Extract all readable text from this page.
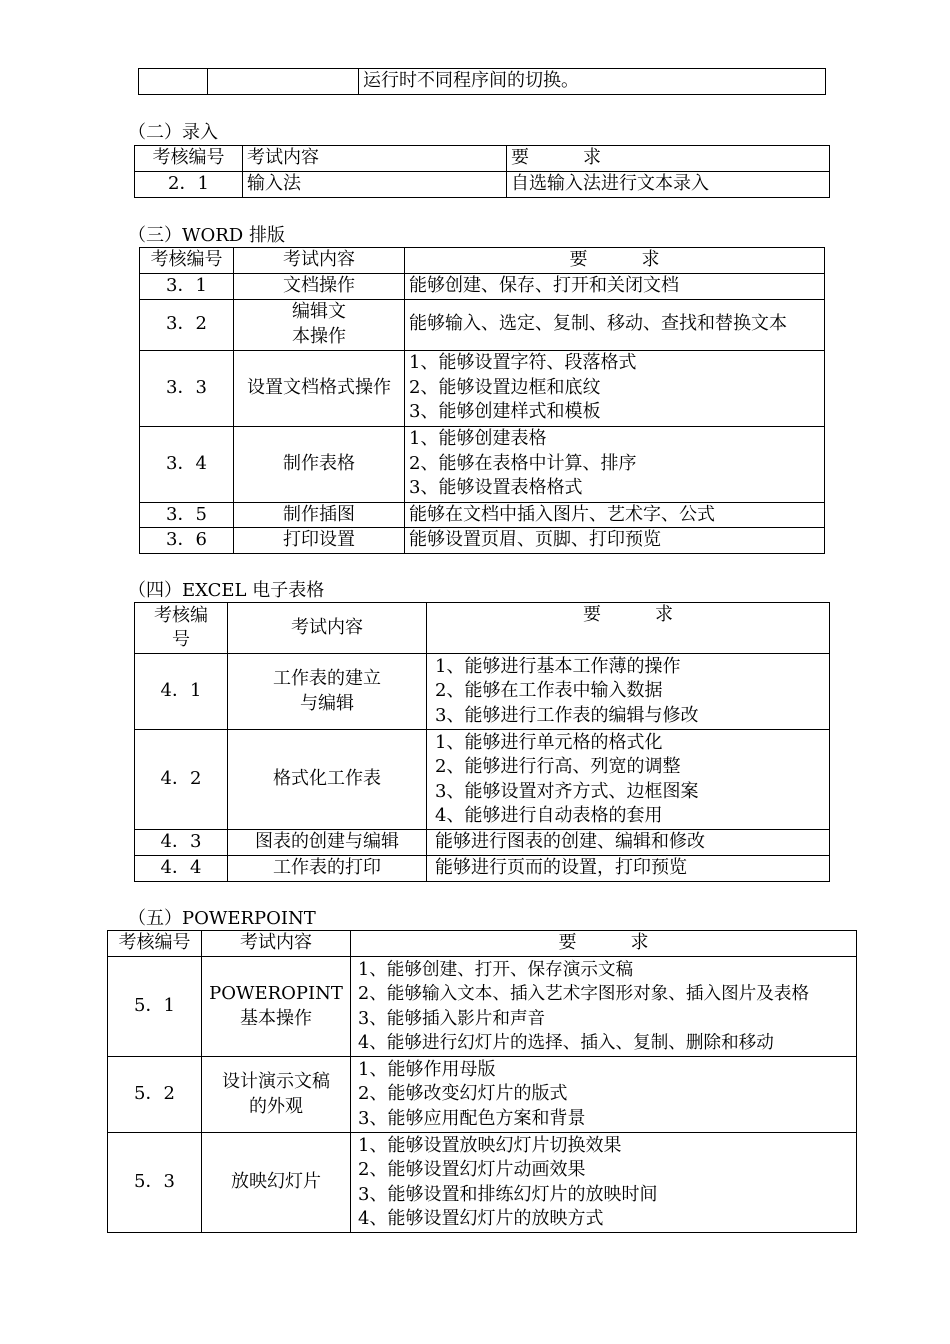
		运行时不同程序间的切换。
（二）录入
考核编号	考试内容	要　　　求
2．1	输入法	自选输入法进行文本录入
（三）WORD 排版
考核编号	考试内容	要　　　求
3．1	文档操作	能够创建、保存、打开和关闭文档

3．2	编辑文
本操作	能够输入、选定、复制、移动、查找和替换文本

3．3	设置文档格式操作	1、能够设置字符、段落格式
2、能够设置边框和底纹
3、能够创建样式和模板

3．4	制作表格	1、能够创建表格
2、能够在表格中计算、排序
3、能够设置表格格式

3．5	制作插图	能够在文档中插入图片、艺术字、公式

3．6	打印设置	能够设置页眉、页脚、打印预览
（四）EXCEL 电子表格
考核编
号	考试内容	要　　　求
4．1	工作表的建立
与编辑	1、能够进行基本工作薄的操作
2、能够在工作表中输入数据
3、能够进行工作表的编辑与修改

4．2	格式化工作表	1、能够进行单元格的格式化
2、能够进行行高、列宽的调整
3、能够设置对齐方式、边框图案
4、能够进行自动表格的套用

4．3	图表的创建与编辑	能够进行图表的创建、编辑和修改

4．4	工作表的打印	能够进行页而的设置，打印预览
（五）POWERPOINT
考核编号	考试内容	要　　　求
5．1	POWEROPINT
基本操作	1、能够创建、打开、保存演示文稿
2、能够输入文本、插入艺术字图形对象、插入图片及表格
3、能够插入影片和声音
4、能够进行幻灯片的选择、插入、复制、删除和移动

5．2	设计演示文稿
的外观	1、能够作用母版
2、能够改变幻灯片的版式
3、能够应用配色方案和背景

5．3	放映幻灯片	1、能够设置放映幻灯片切换效果
2、能够设置幻灯片动画效果
3、能够设置和排练幻灯片的放映时间
4、能够设置幻灯片的放映方式
